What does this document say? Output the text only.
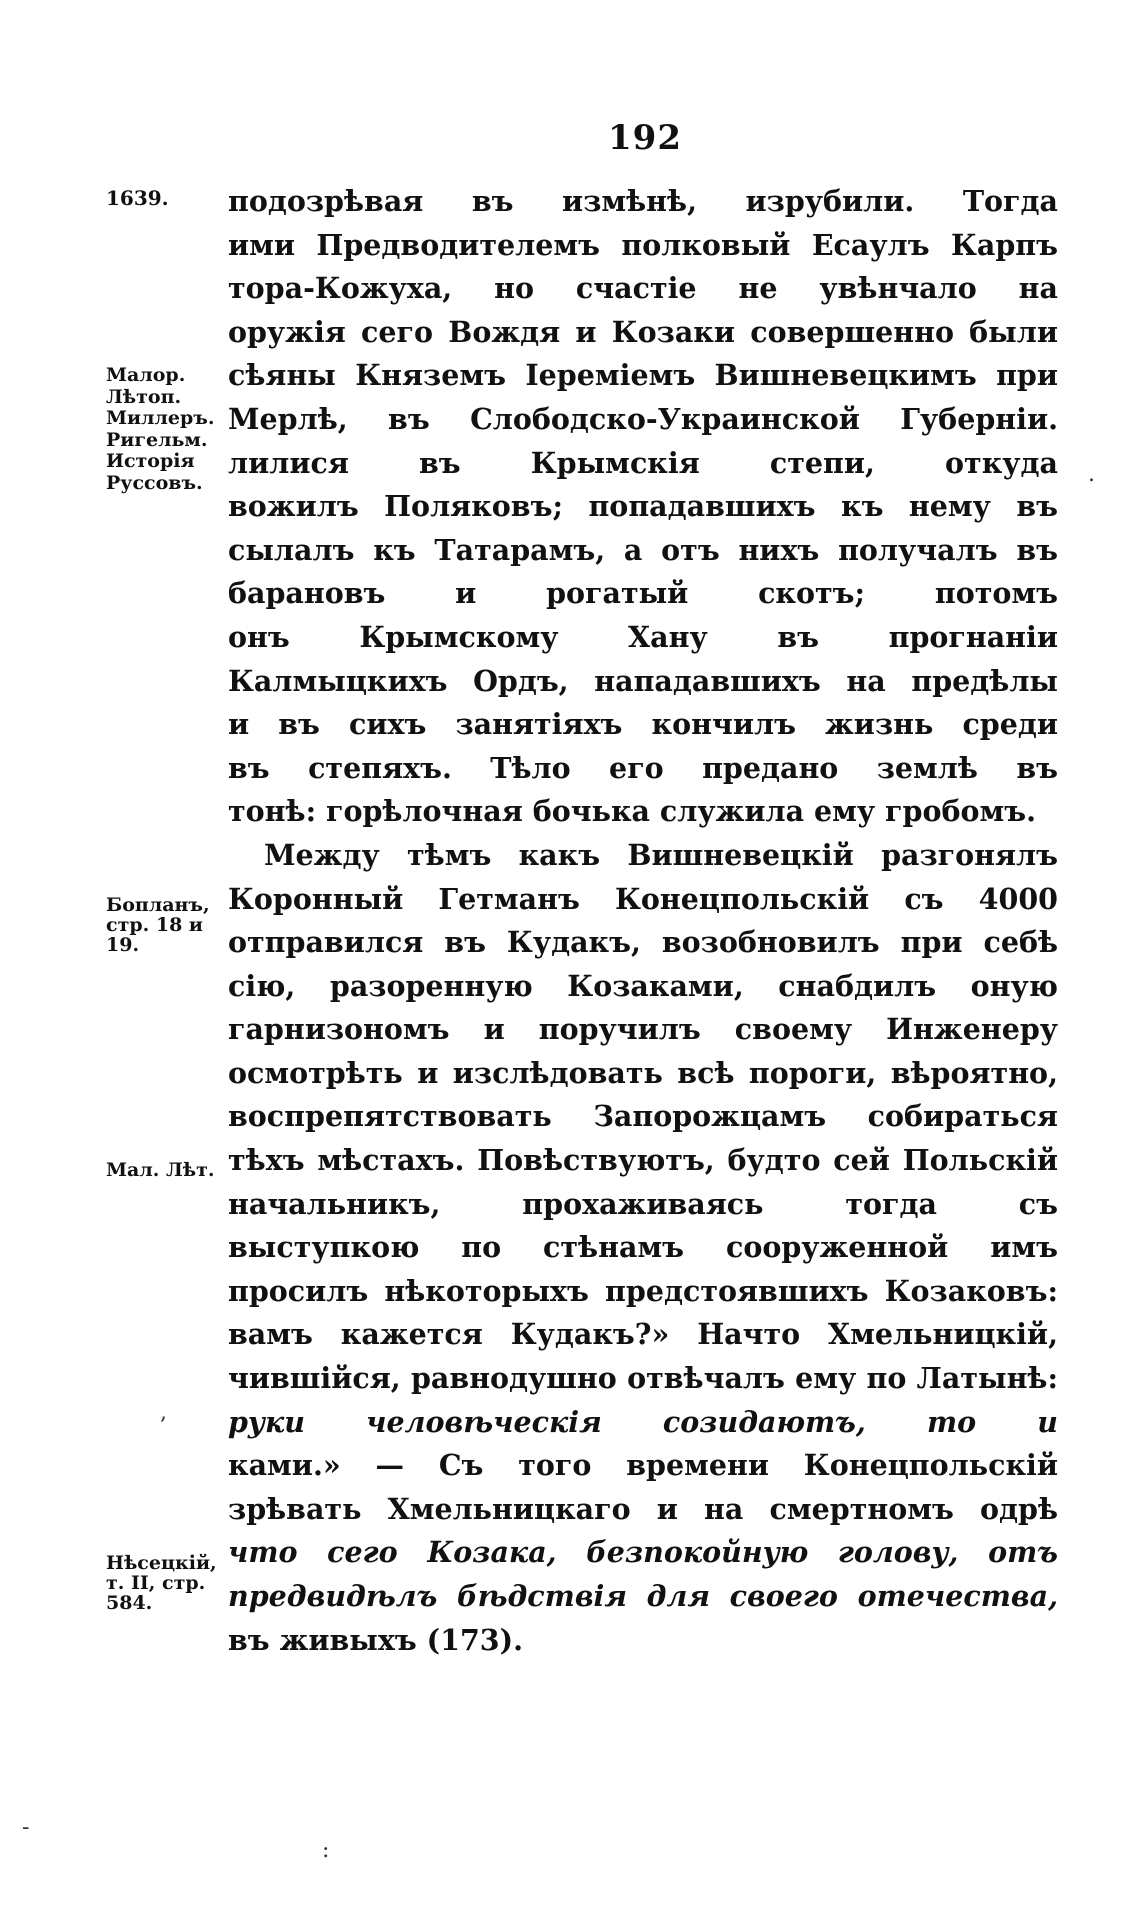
192
1639.
Малор.
Лѣтоп.
Миллеръ.
Ригельм.
Исторія
Руссовъ.
Бопланъ,
стр. 18 и
19.
Мал. Лѣт.
Нѣсецкій,
т. II, стр.
584.
подозрѣвая въ измѣнѣ, изрубили. Тогда
ими Предводителемъ полковый Есаулъ Карпъ
тора-Кожуха, но счастіе не увѣнчало на
оружія сего Вождя и Козаки совершенно были
сѣяны Княземъ Іереміемъ Вишневецкимъ при
Мерлѣ, въ Слободско-Украинской Губерніи.
лилися въ Крымскія степи, откуда
вожилъ Поляковъ; попадавшихъ къ нему въ
сылалъ къ Татарамъ, а отъ нихъ получалъ въ
барановъ и рогатый скотъ; потомъ
онъ Крымскому Хану въ прогнаніи
Калмыцкихъ Ордъ, нападавшихъ на предѣлы
и въ сихъ занятіяхъ кончилъ жизнь среди
въ степяхъ. Тѣло его предано землѣ въ
тонѣ: горѣлочная бочька служила ему гробомъ.
Между тѣмъ какъ Вишневецкій разгонялъ
Коронный Гетманъ Конецпольскій съ 4000
отправился въ Кудакъ, возобновилъ при себѣ
сію, разоренную Козаками, снабдилъ оную
гарнизономъ и поручилъ своему Инженеру
осмотрѣть и изслѣдовать всѣ пороги, вѣроятно,
воспрепятствовать Запорожцамъ собираться
тѣхъ мѣстахъ. Повѣствуютъ, будто сей Польскій
начальникъ, прохаживаясь тогда съ
выступкою по стѣнамъ сооруженной имъ
просилъ нѣкоторыхъ предстоявшихъ Козаковъ:
вамъ кажется Кудакъ?» Начто Хмельницкій,
чившійся, равнодушно отвѣчалъ ему по Латынѣ:
руки человѣческія созидаютъ, то и
ками.» — Съ того времени Конецпольскій
зрѣвать Хмельницкаго и на смертномъ одрѣ
что сего Козака, безпокойную голову, отъ
предвидѣлъ бѣдствія для своего отечества,
въ живыхъ (173).
.
,
-
:
